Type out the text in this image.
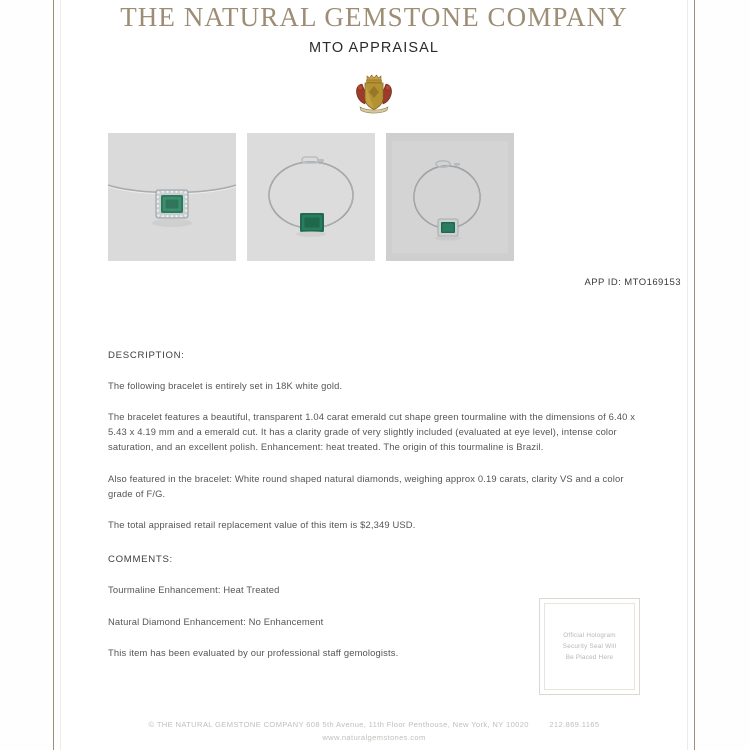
THE NATURAL GEMSTONE COMPANY
MTO APPRAISAL
APP ID: MTO169153
DESCRIPTION:

The following bracelet is entirely set in 18K white gold.

The bracelet features a beautiful, transparent 1.04 carat emerald cut shape green tourmaline with the dimensions of 6.40 x 5.43 x 4.19 mm and a emerald cut. It has a clarity grade of very slightly included (evaluated at eye level), intense color saturation, and an excellent polish. Enhancement: heat treated. The origin of this tourmaline is Brazil.

Also featured in the bracelet: White round shaped natural diamonds, weighing approx 0.19 carats, clarity VS and a color grade of F/G.

The total appraised retail replacement value of this item is $2,349 USD.

COMMENTS:

Tourmaline Enhancement: Heat Treated

Natural Diamond Enhancement: No Enhancement

This item has been evaluated by our professional staff gemologists.

Official Hologram
Security Seal Will
Be Placed Here
© THE NATURAL GEMSTONE COMPANY 608 5th Avenue, 11th Floor Penthouse, New York, NY 10020	212.869.1165
www.naturalgemstones.com
